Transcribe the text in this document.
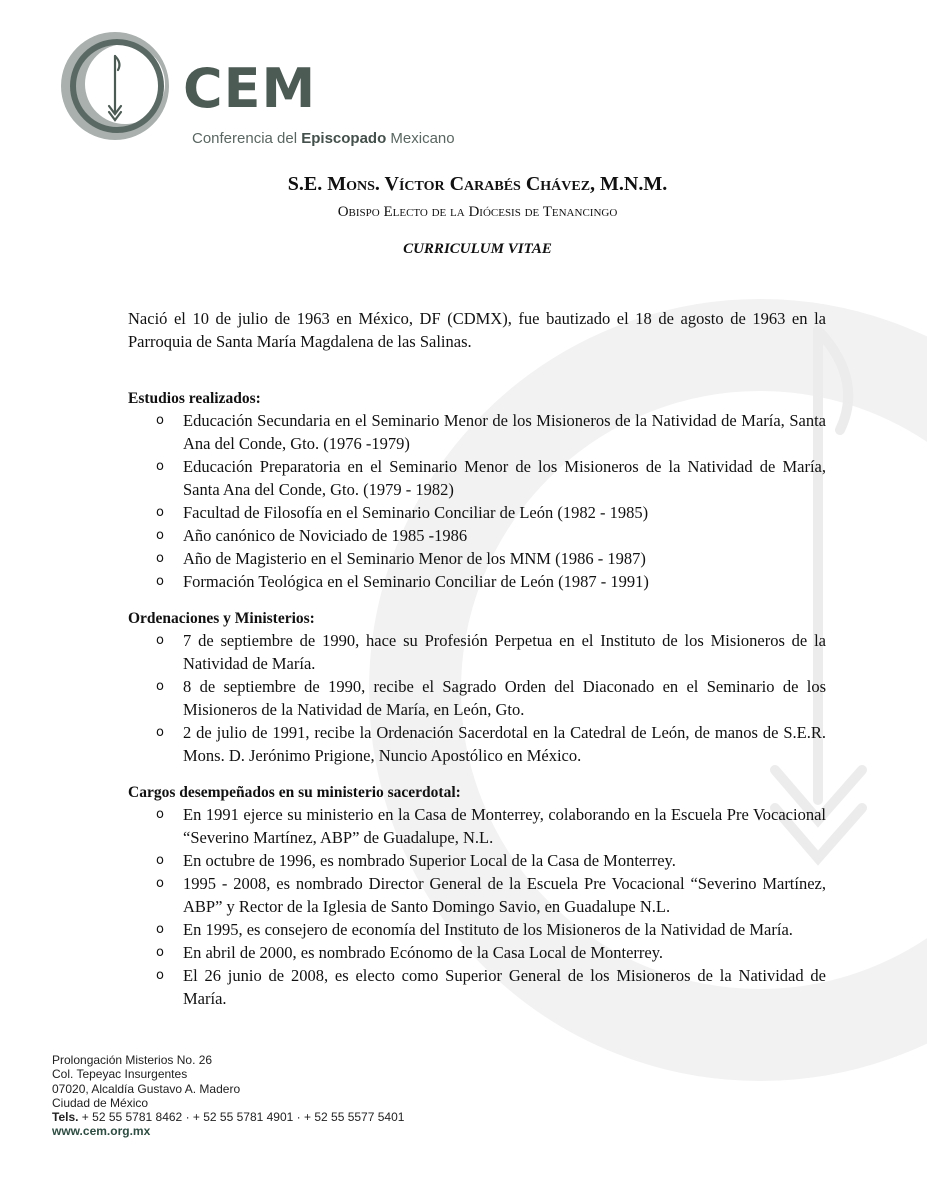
CEM
Conferencia del Episcopado Mexicano
S.E. Mons. Víctor Carabés Chávez, M.N.M.
Obispo Electo de la Diócesis de Tenancingo
CURRICULUM VITAE

Nació el 10 de julio de 1963 en México, DF (CDMX), fue bautizado el 18 de agosto de 1963 en la Parroquia de Santa María Magdalena de las Salinas.

Estudios realizados:
o Educación Secundaria en el Seminario Menor de los Misioneros de la Natividad de María, Santa Ana del Conde, Gto. (1976 -1979)
o Educación Preparatoria en el Seminario Menor de los Misioneros de la Natividad de María, Santa Ana del Conde, Gto. (1979 - 1982)
o Facultad de Filosofía en el Seminario Conciliar de León (1982 - 1985)
o Año canónico de Noviciado de 1985 -1986
o Año de Magisterio en el Seminario Menor de los MNM (1986 - 1987)
o Formación Teológica en el Seminario Conciliar de León (1987 - 1991)
Ordenaciones y Ministerios:
o 7 de septiembre de 1990, hace su Profesión Perpetua en el Instituto de los Misioneros de la Natividad de María.
o 8 de septiembre de 1990, recibe el Sagrado Orden del Diaconado en el Seminario de los Misioneros de la Natividad de María, en León, Gto.
o 2 de julio de 1991, recibe la Ordenación Sacerdotal en la Catedral de León, de manos de S.E.R. Mons. D. Jerónimo Prigione, Nuncio Apostólico en México.
Cargos desempeñados en su ministerio sacerdotal:
o En 1991 ejerce su ministerio en la Casa de Monterrey, colaborando en la Escuela Pre Vocacional “Severino Martínez, ABP” de Guadalupe, N.L.
o En octubre de 1996, es nombrado Superior Local de la Casa de Monterrey.
o 1995 - 2008, es nombrado Director General de la Escuela Pre Vocacional “Severino Martínez, ABP” y Rector de la Iglesia de Santo Domingo Savio, en Guadalupe N.L.
o En 1995, es consejero de economía del Instituto de los Misioneros de la Natividad de María.
o En abril de 2000, es nombrado Ecónomo de la Casa Local de Monterrey.
o El 26 junio de 2008, es electo como Superior General de los Misioneros de la Natividad de María.
Prolongación Misterios No. 26
Col. Tepeyac Insurgentes
07020, Alcaldía Gustavo A. Madero
Ciudad de México
Tels. + 52 55 5781 8462 · + 52 55 5781 4901 · + 52 55 5577 5401
www.cem.org.mx
